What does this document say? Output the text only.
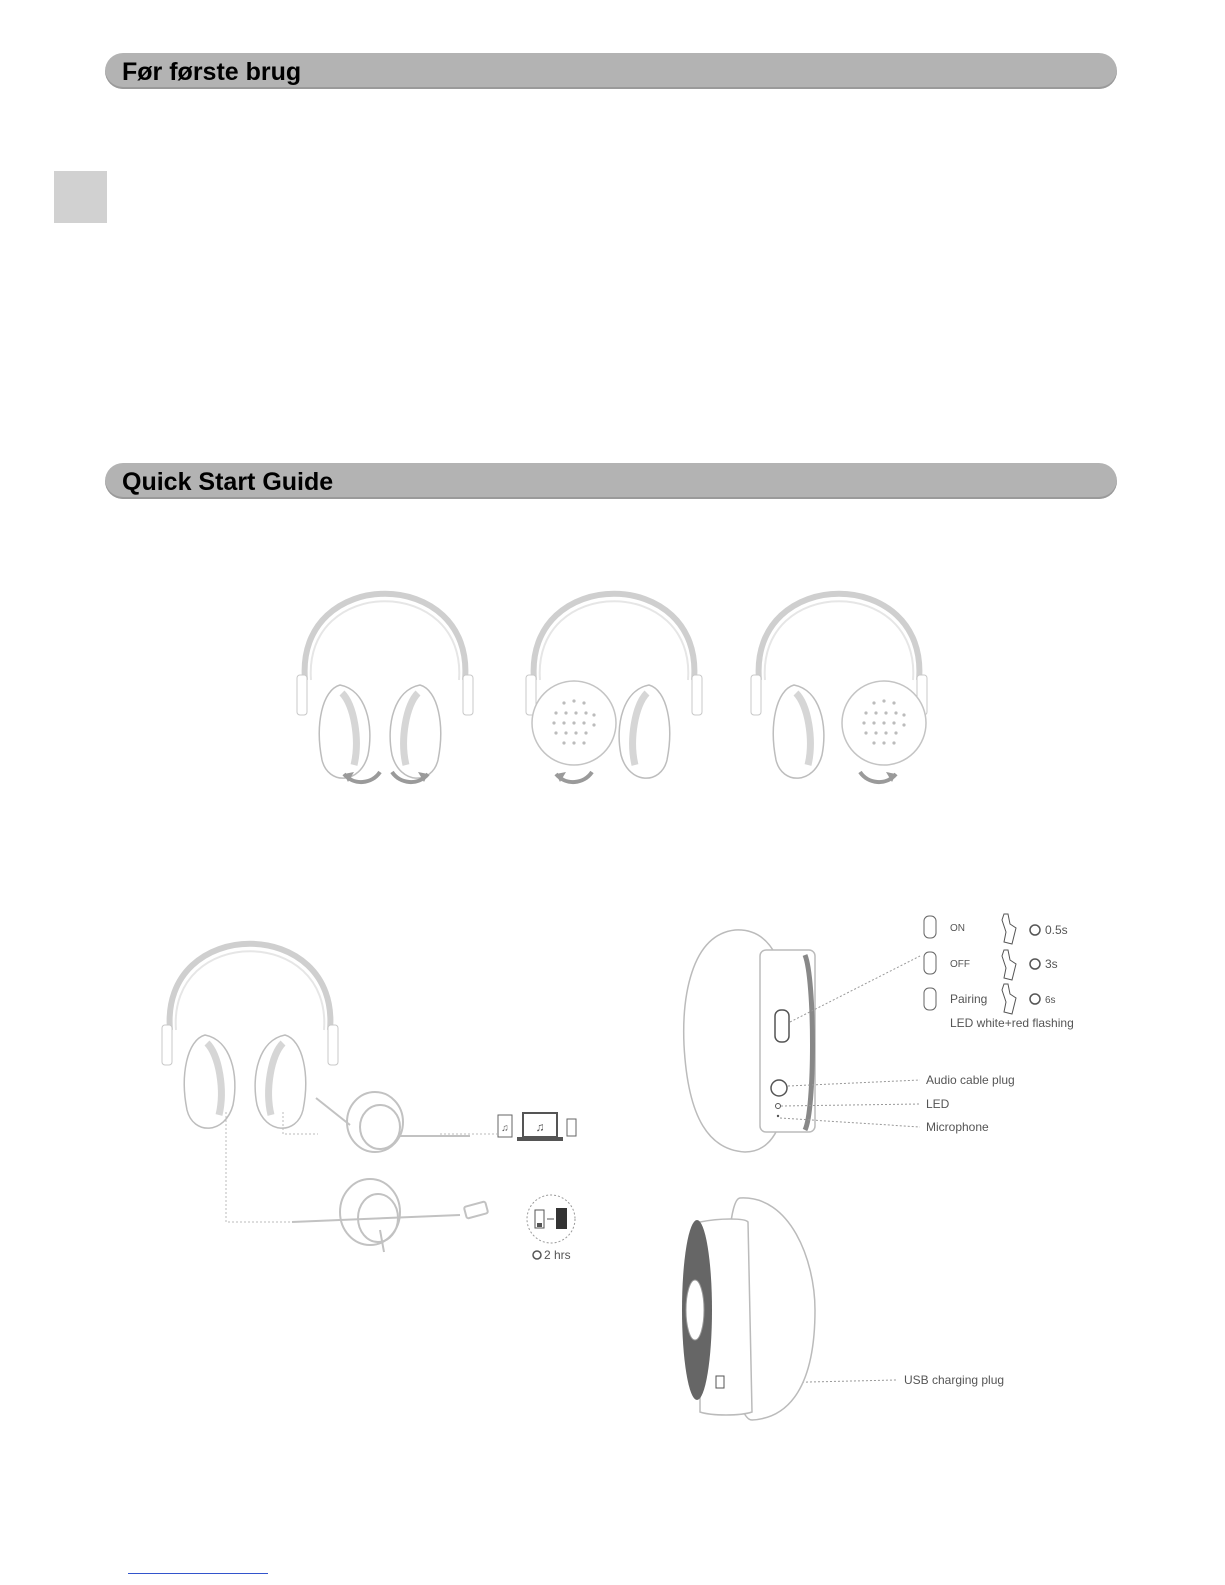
Før første brug
Quick Start Guide
♫ ♫
2 hrs
ON	0.5s
OFF	3s
Pairing	6s
LED white+red flashing
Audio cable plug
LED
Microphone
USB charging plug
